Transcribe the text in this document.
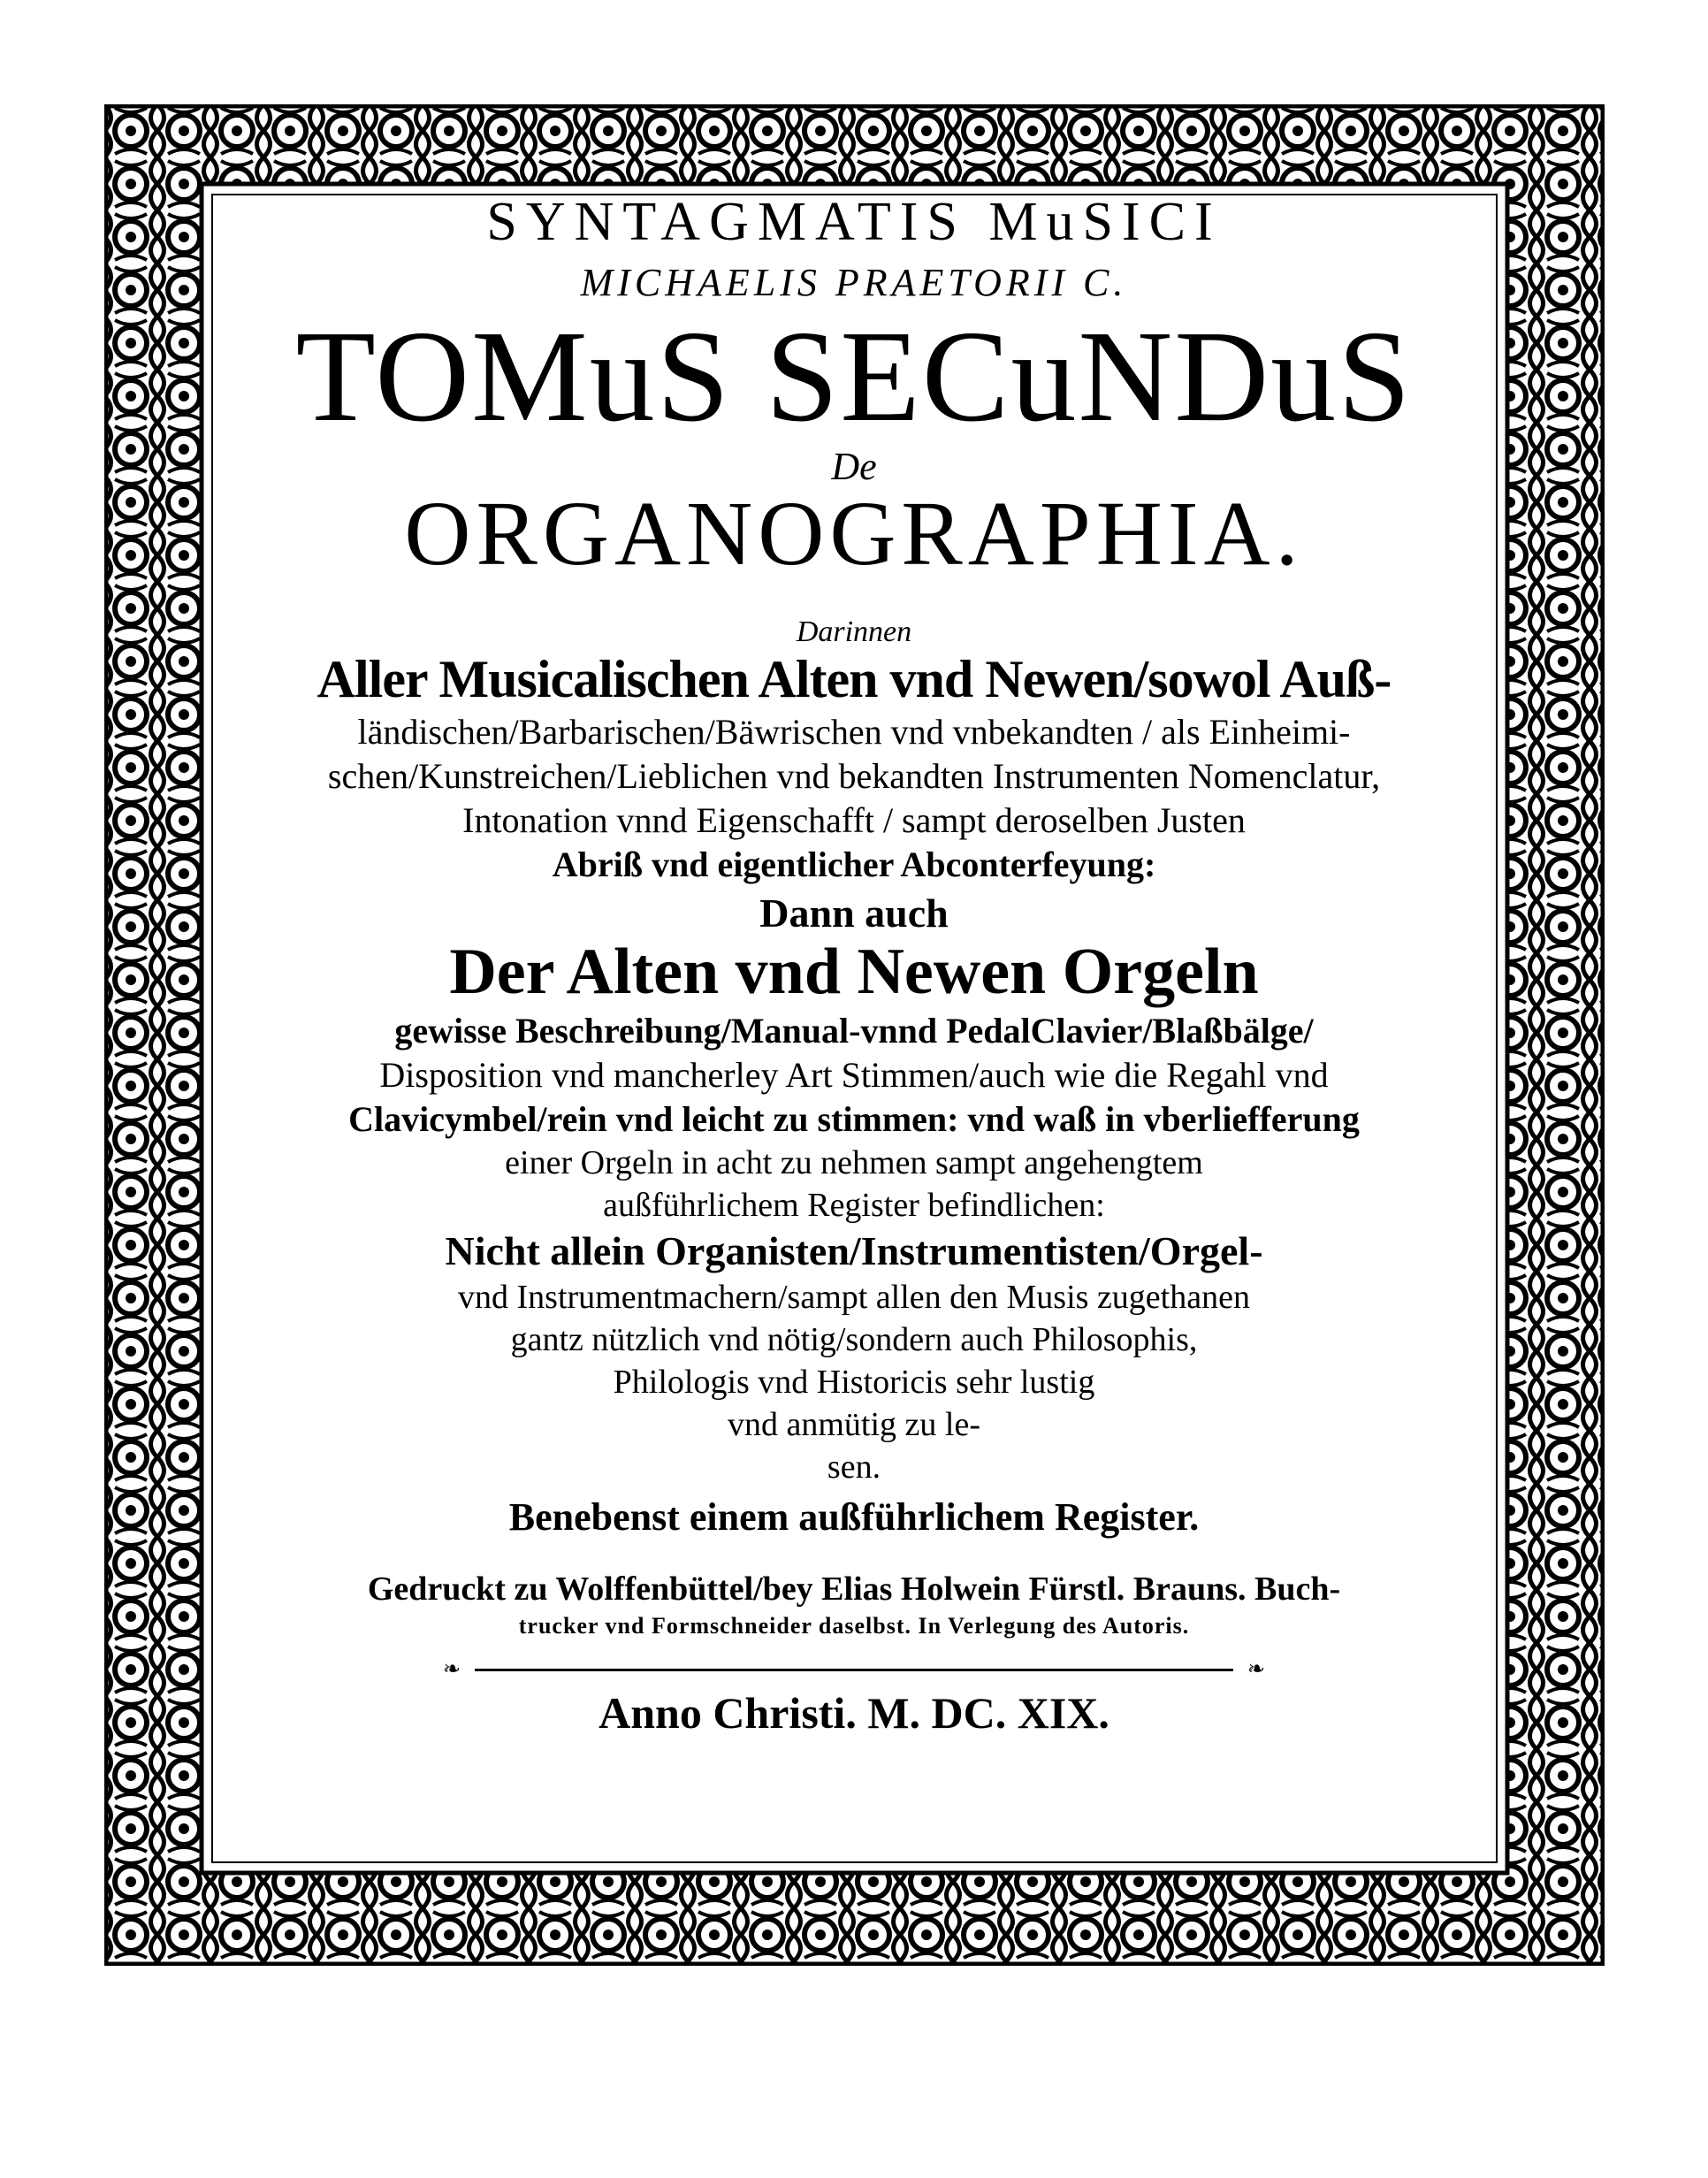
SYNTAGMATIS MuSICI
MICHAELIS PRAETORII C.
TOMuS SECuNDuS
De
ORGANOGRAPHIA.
Darinnen
Aller Musicalischen Alten vnd Newen/sowol Auß-
ländischen/Barbarischen/Bäwrischen vnd vnbekandten / als Einheimi-
schen/Kunstreichen/Lieblichen vnd bekandten Instrumenten Nomenclatur,
Intonation vnnd Eigenschafft / sampt deroselben Justen
Abriß vnd eigentlicher Abconterfeyung:
Dann auch
Der Alten vnd Newen Orgeln
gewisse Beschreibung/Manual-vnnd PedalClavier/Blaßbälge/
Disposition vnd mancherley Art Stimmen/auch wie die Regahl vnd
Clavicymbel/rein vnd leicht zu stimmen: vnd waß in vberliefferung
einer Orgeln in acht zu nehmen sampt angehengtem
außführlichem Register befindlichen:
Nicht allein Organisten/Instrumentisten/Orgel-
vnd Instrumentmachern/sampt allen den Musis zugethanen
gantz nützlich vnd nötig/sondern auch Philosophis,
Philologis vnd Historicis sehr lustig
vnd anmütig zu le-
sen.
Benebenst einem außführlichem Register.
Gedruckt zu Wolffenbüttel/bey Elias Holwein Fürstl. Brauns. Buch-
trucker vnd Formschneider daselbst. In Verlegung des Autoris.
❧	❧
Anno Christi. M. DC. XIX.
